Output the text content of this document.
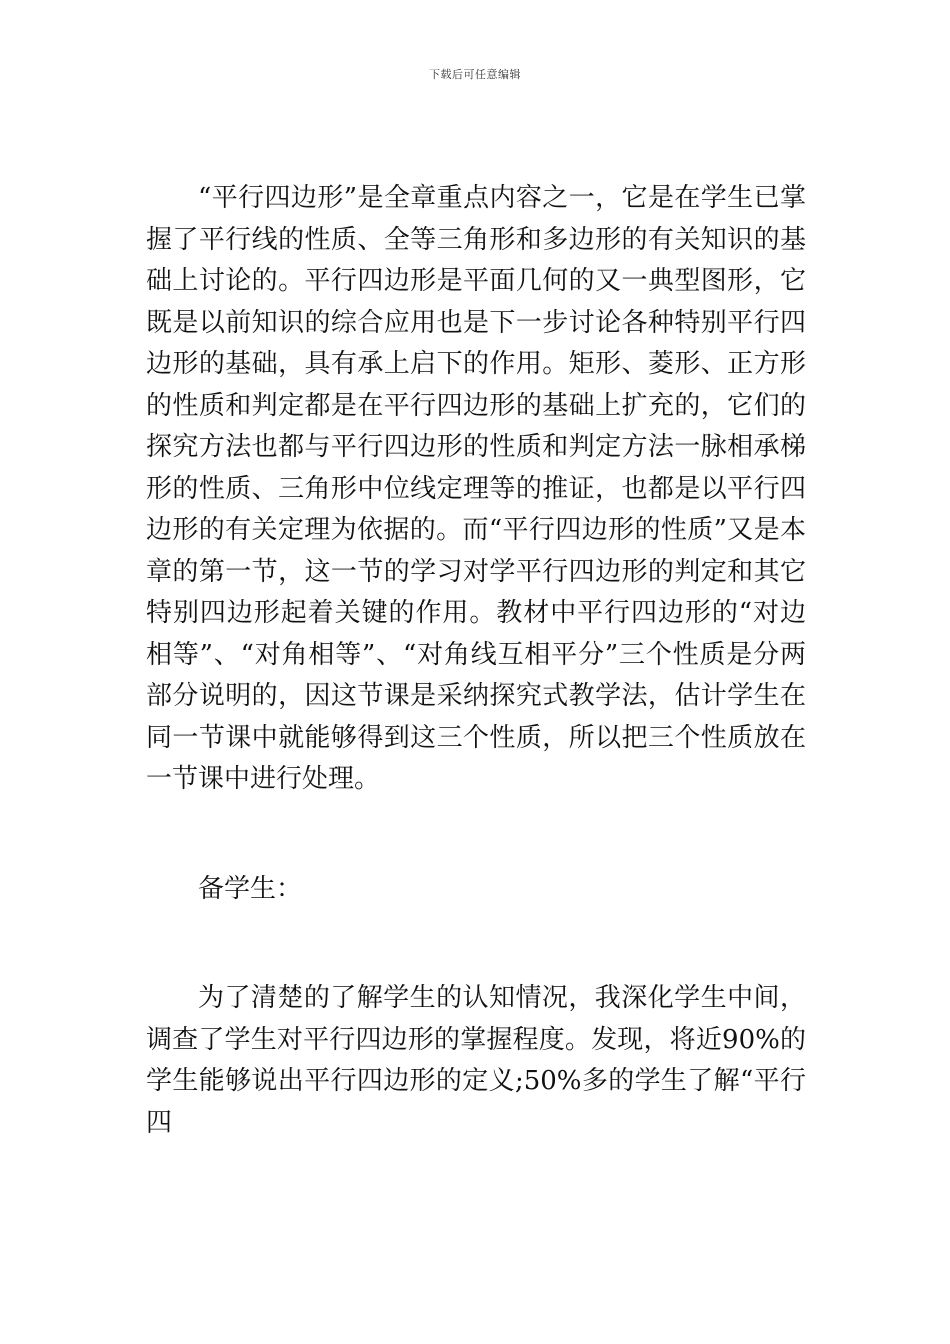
下载后可任意编辑

“平行四边形”是全章重点内容之一，它是在学生已掌握了平行线的性质、全等三角形和多边形的有关知识的基础上讨论的。平行四边形是平面几何的又一典型图形，它既是以前知识的综合应用也是下一步讨论各种特别平行四边形的基础，具有承上启下的作用。矩形、菱形、正方形的性质和判定都是在平行四边形的基础上扩充的，它们的探究方法也都与平行四边形的性质和判定方法一脉相承梯形的性质、三角形中位线定理等的推证，也都是以平行四边形的有关定理为依据的。而“平行四边形的性质”又是本章的第一节，这一节的学习对学平行四边形的判定和其它特别四边形起着关键的作用。教材中平行四边形的“对边相等”、“对角相等”、“对角线互相平分”三个性质是分两部分说明的，因这节课是采纳探究式教学法，估计学生在同一节课中就能够得到这三个性质，所以把三个性质放在一节课中进行处理。

备学生：

为了清楚的了解学生的认知情况，我深化学生中间，调查了学生对平行四边形的掌握程度。发现，将近90%的学生能够说出平行四边形的定义;50%多的学生了解“平行四
